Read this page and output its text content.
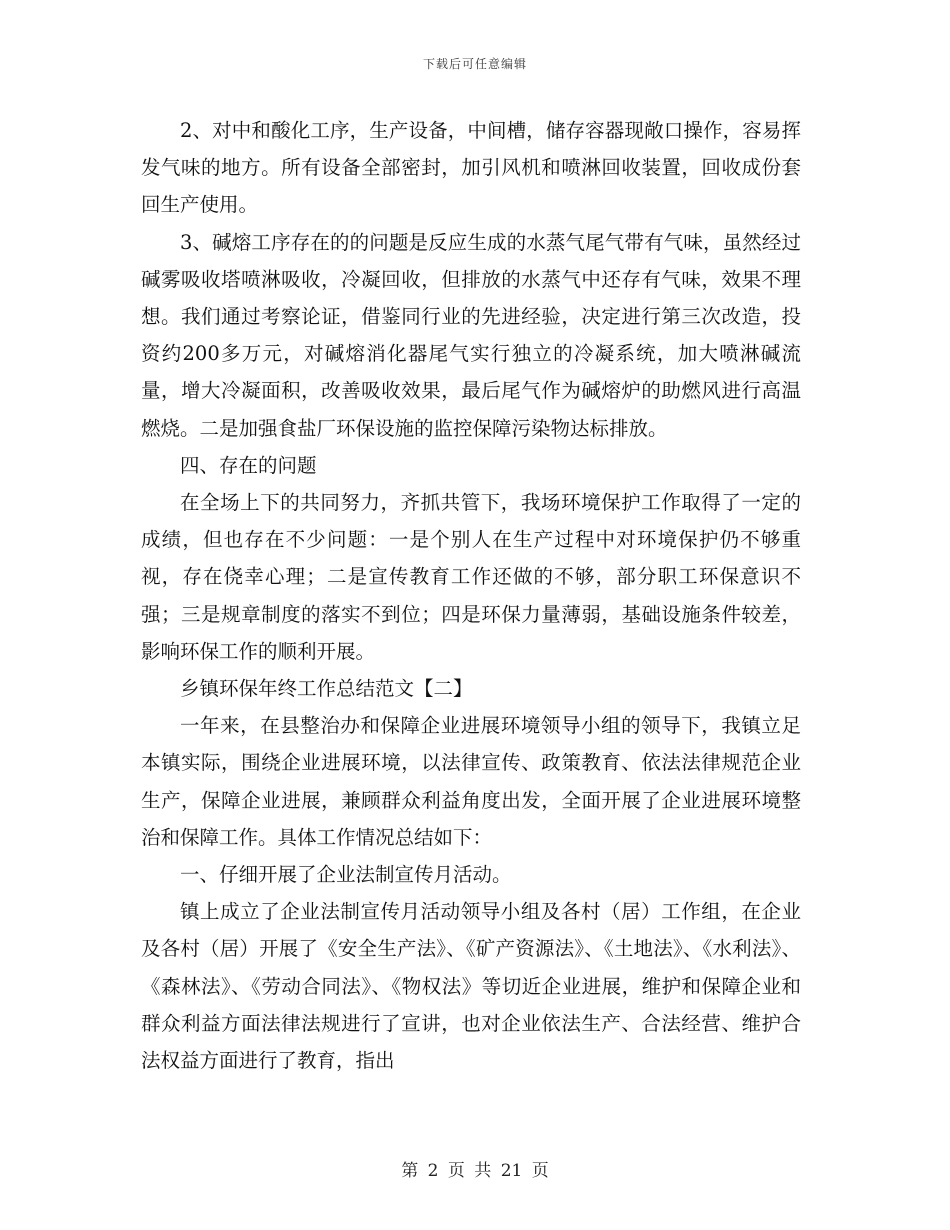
下载后可任意编辑

2、对中和酸化工序，生产设备，中间槽，储存容器现敞口操作，容易挥发气味的地方。所有设备全部密封，加引风机和喷淋回收装置，回收成份套回生产使用。

3、碱熔工序存在的的问题是反应生成的水蒸气尾气带有气味，虽然经过碱雾吸收塔喷淋吸收，冷凝回收，但排放的水蒸气中还存有气味，效果不理想。我们通过考察论证，借鉴同行业的先进经验，决定进行第三次改造，投资约200多万元，对碱熔消化器尾气实行独立的冷凝系统，加大喷淋碱流量，增大冷凝面积，改善吸收效果，最后尾气作为碱熔炉的助燃风进行高温燃烧。二是加强食盐厂环保设施的监控保障污染物达标排放。

四、存在的问题

在全场上下的共同努力，齐抓共管下，我场环境保护工作取得了一定的成绩，但也存在不少问题：一是个别人在生产过程中对环境保护仍不够重视，存在侥幸心理；二是宣传教育工作还做的不够，部分职工环保意识不强；三是规章制度的落实不到位；四是环保力量薄弱，基础设施条件较差，影响环保工作的顺利开展。

乡镇环保年终工作总结范文【二】

一年来，在县整治办和保障企业进展环境领导小组的领导下，我镇立足本镇实际，围绕企业进展环境，以法律宣传、政策教育、依法法律规范企业生产，保障企业进展，兼顾群众利益角度出发，全面开展了企业进展环境整治和保障工作。具体工作情况总结如下：

一、仔细开展了企业法制宣传月活动。

镇上成立了企业法制宣传月活动领导小组及各村（居）工作组，在企业及各村（居）开展了《安全生产法》、《矿产资源法》、《土地法》、《水利法》、《森林法》、《劳动合同法》、《物权法》等切近企业进展，维护和保障企业和群众利益方面法律法规进行了宣讲，也对企业依法生产、合法经营、维护合法权益方面进行了教育，指出

第 2 页 共 21 页
